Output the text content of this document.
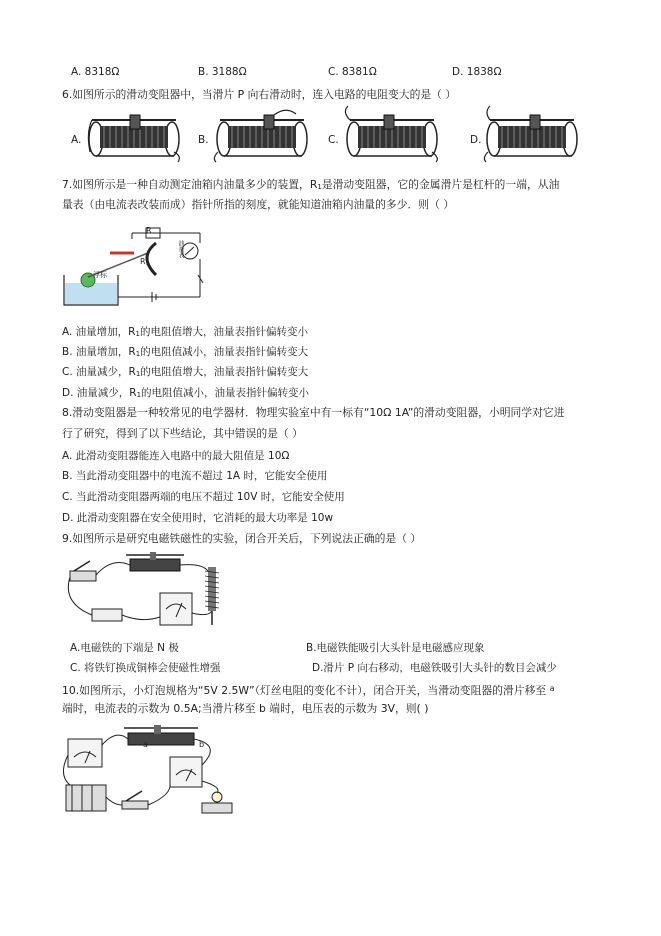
A. 8318Ω	B. 3188Ω	C. 8381Ω	D. 1838Ω
6.如图所示的滑动变阻器中，当滑片 P 向右滑动时，连入电路的电阻变大的是（ ）
A.	B.	C.	D.
7.如图所示是一种自动测定油箱内油量多少的装置，R1是滑动变阻器，它的金属滑片是杠杆的一端，从油
量表（由电流表改装而成）指针所指的刻度，就能知道油箱内油量的多少．则（ ）
R
R1
油量表
浮标
A. 油量增加，R1的电阻值增大，油量表指针偏转变小
B. 油量增加，R1的电阻值减小，油量表指针偏转变大
C. 油量减少，R1的电阻值增大，油量表指针偏转变大
D. 油量减少，R1的电阻值减小，油量表指针偏转变小
8.滑动变阻器是一种较常见的电学器材．物理实验室中有一标有“10Ω 1A”的滑动变阻器，小明同学对它进
行了研究，得到了以下些结论，其中错误的是（ ）
A. 此滑动变阻器能连入电路中的最大阻值是 10Ω
B. 当此滑动变阻器中的电流不超过 1A 时，它能安全使用
C. 当此滑动变阻器两端的电压不超过 10V 时，它能安全使用
D. 此滑动变阻器在安全使用时，它消耗的最大功率是 10w
9.如图所示是研究电磁铁磁性的实验，闭合开关后，下列说法正确的是（ ）
A.电磁铁的下端是 N 极	B.电磁铁能吸引大头针是电磁感应现象
C. 将铁钉换成铜棒会使磁性增强	D.滑片 P 向右移动，电磁铁吸引大头针的数目会减少
10.如图所示，小灯泡规格为“5V 2.5W”（灯丝电阻的变化不计），闭合开关，当滑动变阻器的滑片移至 $^a$
端时，电流表的示数为 0.5A;当滑片移至 b 端时，电压表的示数为 3V，则( )
a	b
